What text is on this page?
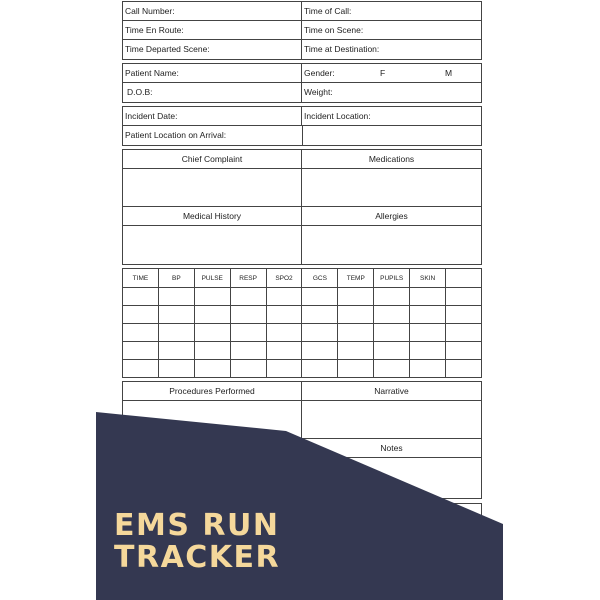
Call Number:	Time of Call:
Time En Route:	Time on Scene:
Time Departed Scene:	Time at Destination:
Patient Name:	Gender:	F	M
D.O.B:	Weight:
Incident Date:	Incident Location:
Patient Location on Arrival:
Chief Complaint	Medications
Medical History	Allergies
TIME	BP	PULSE	RESP	SPO2	GCS	TEMP	PUPILS	SKIN	

Procedures Performed	Narrative
Notes
EMS RUN
TRACKER
